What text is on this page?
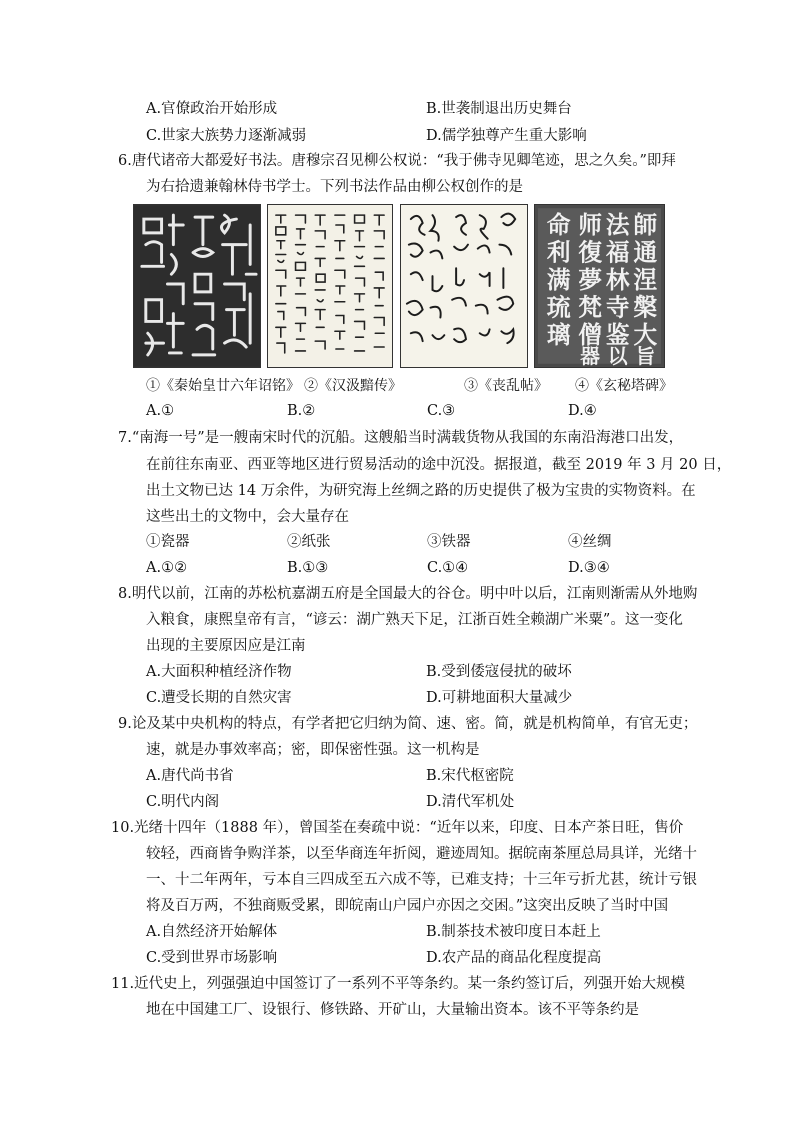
A.官僚政治开始形成	B.世袭制退出历史舞台
C.世家大族势力逐渐减弱	D.儒学独尊产生重大影响
6.唐代诸帝大都爱好书法。唐穆宗召见柳公权说：“我于佛寺见卿笔迹，思之久矣。”即拜
为右拾遗兼翰林侍书学士。下列书法作品由柳公权创作的是
師
通
涅
槃
法
福
林
寺
鉴 大
旨
师
復
夢
梵
僧
以
命
利
满
琉
璃
器
①《秦始皇廿六年诏铭》 ②《汉汲黯传》	③《丧乱帖》 ④《玄秘塔碑》
A.①	B.②	C.③	D.④
7.“南海一号”是一艘南宋时代的沉船。这艘船当时满载货物从我国的东南沿海港口出发，
在前往东南亚、西亚等地区进行贸易活动的途中沉没。据报道，截至 2019 年 3 月 20 日，
出土文物已达 14 万余件，为研究海上丝绸之路的历史提供了极为宝贵的实物资料。在
这些出土的文物中，会大量存在
①瓷器	②纸张	③铁器	④丝绸
A.①②	B.①③	C.①④	D.③④
8.明代以前，江南的苏松杭嘉湖五府是全国最大的谷仓。明中叶以后，江南则渐需从外地购
入粮食，康熙皇帝有言，“谚云：湖广熟天下足，江浙百姓全赖湖广米粟”。这一变化
出现的主要原因应是江南
A.大面积种植经济作物	B.受到倭寇侵扰的破坏
C.遭受长期的自然灾害	D.可耕地面积大量减少
9.论及某中央机构的特点，有学者把它归纳为简、速、密。简，就是机构简单，有官无吏；
速，就是办事效率高；密，即保密性强。这一机构是
A.唐代尚书省	B.宋代枢密院
C.明代内阁	D.清代军机处
10.光绪十四年（1888 年），曾国荃在奏疏中说：“近年以来，印度、日本产茶日旺，售价
较轻，西商皆争购洋茶，以至华商连年折阅，避迹周知。据皖南茶厘总局具详，光绪十
一、十二年两年，亏本自三四成至五六成不等，已难支持；十三年亏折尤甚，统计亏银
将及百万两，不独商贩受累，即皖南山户园户亦因之交困。”这突出反映了当时中国
A.自然经济开始解体	B.制茶技术被印度日本赶上
C.受到世界市场影响	D.农产品的商品化程度提高
11.近代史上，列强强迫中国签订了一系列不平等条约。某一条约签订后，列强开始大规模
地在中国建工厂、设银行、修铁路、开矿山，大量输出资本。该不平等条约是
